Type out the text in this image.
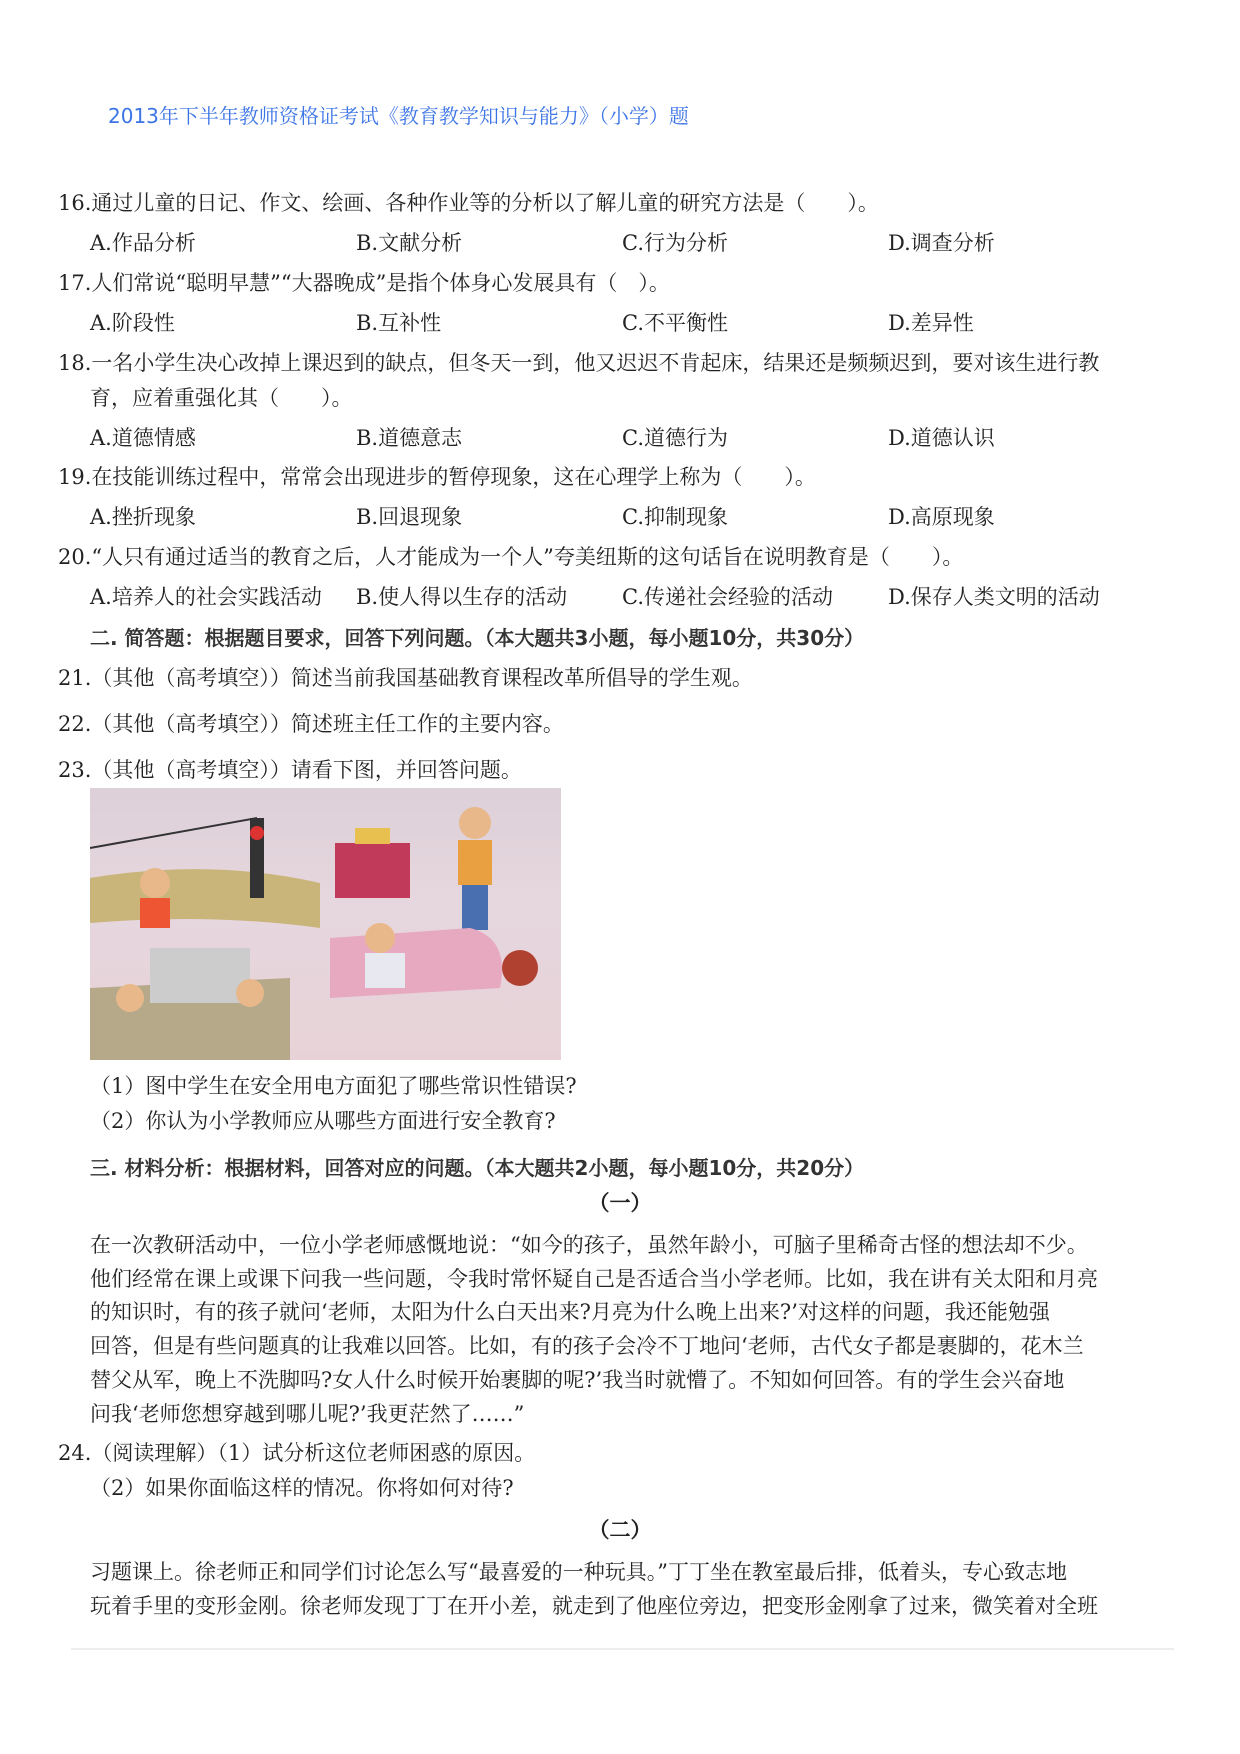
2013年下半年教师资格证考试《教育教学知识与能力》（小学）题
16.通过儿童的日记、作文、绘画、各种作业等的分析以了解儿童的研究方法是（　　）。
A.作品分析	B.文献分析	C.行为分析	D.调查分析
17.人们常说“聪明早慧”“大器晚成”是指个体身心发展具有（　）。
A.阶段性	B.互补性	C.不平衡性	D.差异性
18.一名小学生决心改掉上课迟到的缺点，但冬天一到，他又迟迟不肯起床，结果还是频频迟到，要对该生进行教
育，应着重强化其（　　）。
A.道德情感	B.道德意志	C.道德行为	D.道德认识
19.在技能训练过程中，常常会出现进步的暂停现象，这在心理学上称为（　　）。
A.挫折现象	B.回退现象	C.抑制现象	D.高原现象
20.“人只有通过适当的教育之后，人才能成为一个人”夸美纽斯的这句话旨在说明教育是（　　）。
A.培养人的社会实践活动 B.使人得以生存的活动	C.传递社会经验的活动	D.保存人类文明的活动
二. 简答题：根据题目要求，回答下列问题。（本大题共3小题，每小题10分，共30分）
21.（其他（高考填空））简述当前我国基础教育课程改革所倡导的学生观。
22.（其他（高考填空））简述班主任工作的主要内容。
23.（其他（高考填空））请看下图，并回答问题。
（1）图中学生在安全用电方面犯了哪些常识性错误?
（2）你认为小学教师应从哪些方面进行安全教育?
三. 材料分析：根据材料，回答对应的问题。（本大题共2小题，每小题10分，共20分）
（一）
在一次教研活动中，一位小学老师感慨地说：“如今的孩子，虽然年龄小，可脑子里稀奇古怪的想法却不少。
他们经常在课上或课下问我一些问题，令我时常怀疑自己是否适合当小学老师。比如，我在讲有关太阳和月亮
的知识时，有的孩子就问‘老师，太阳为什么白天出来?月亮为什么晚上出来?’对这样的问题，我还能勉强
回答，但是有些问题真的让我难以回答。比如，有的孩子会冷不丁地问‘老师，古代女子都是裹脚的，花木兰
替父从军，晚上不洗脚吗?女人什么时候开始裹脚的呢?’我当时就懵了。不知如何回答。有的学生会兴奋地
问我‘老师您想穿越到哪儿呢?’我更茫然了……”
24.（阅读理解）（1）试分析这位老师困惑的原因。
（2）如果你面临这样的情况。你将如何对待?
（二）
习题课上。徐老师正和同学们讨论怎么写“最喜爱的一种玩具。”丁丁坐在教室最后排，低着头，专心致志地
玩着手里的变形金刚。徐老师发现丁丁在开小差，就走到了他座位旁边，把变形金刚拿了过来，微笑着对全班
